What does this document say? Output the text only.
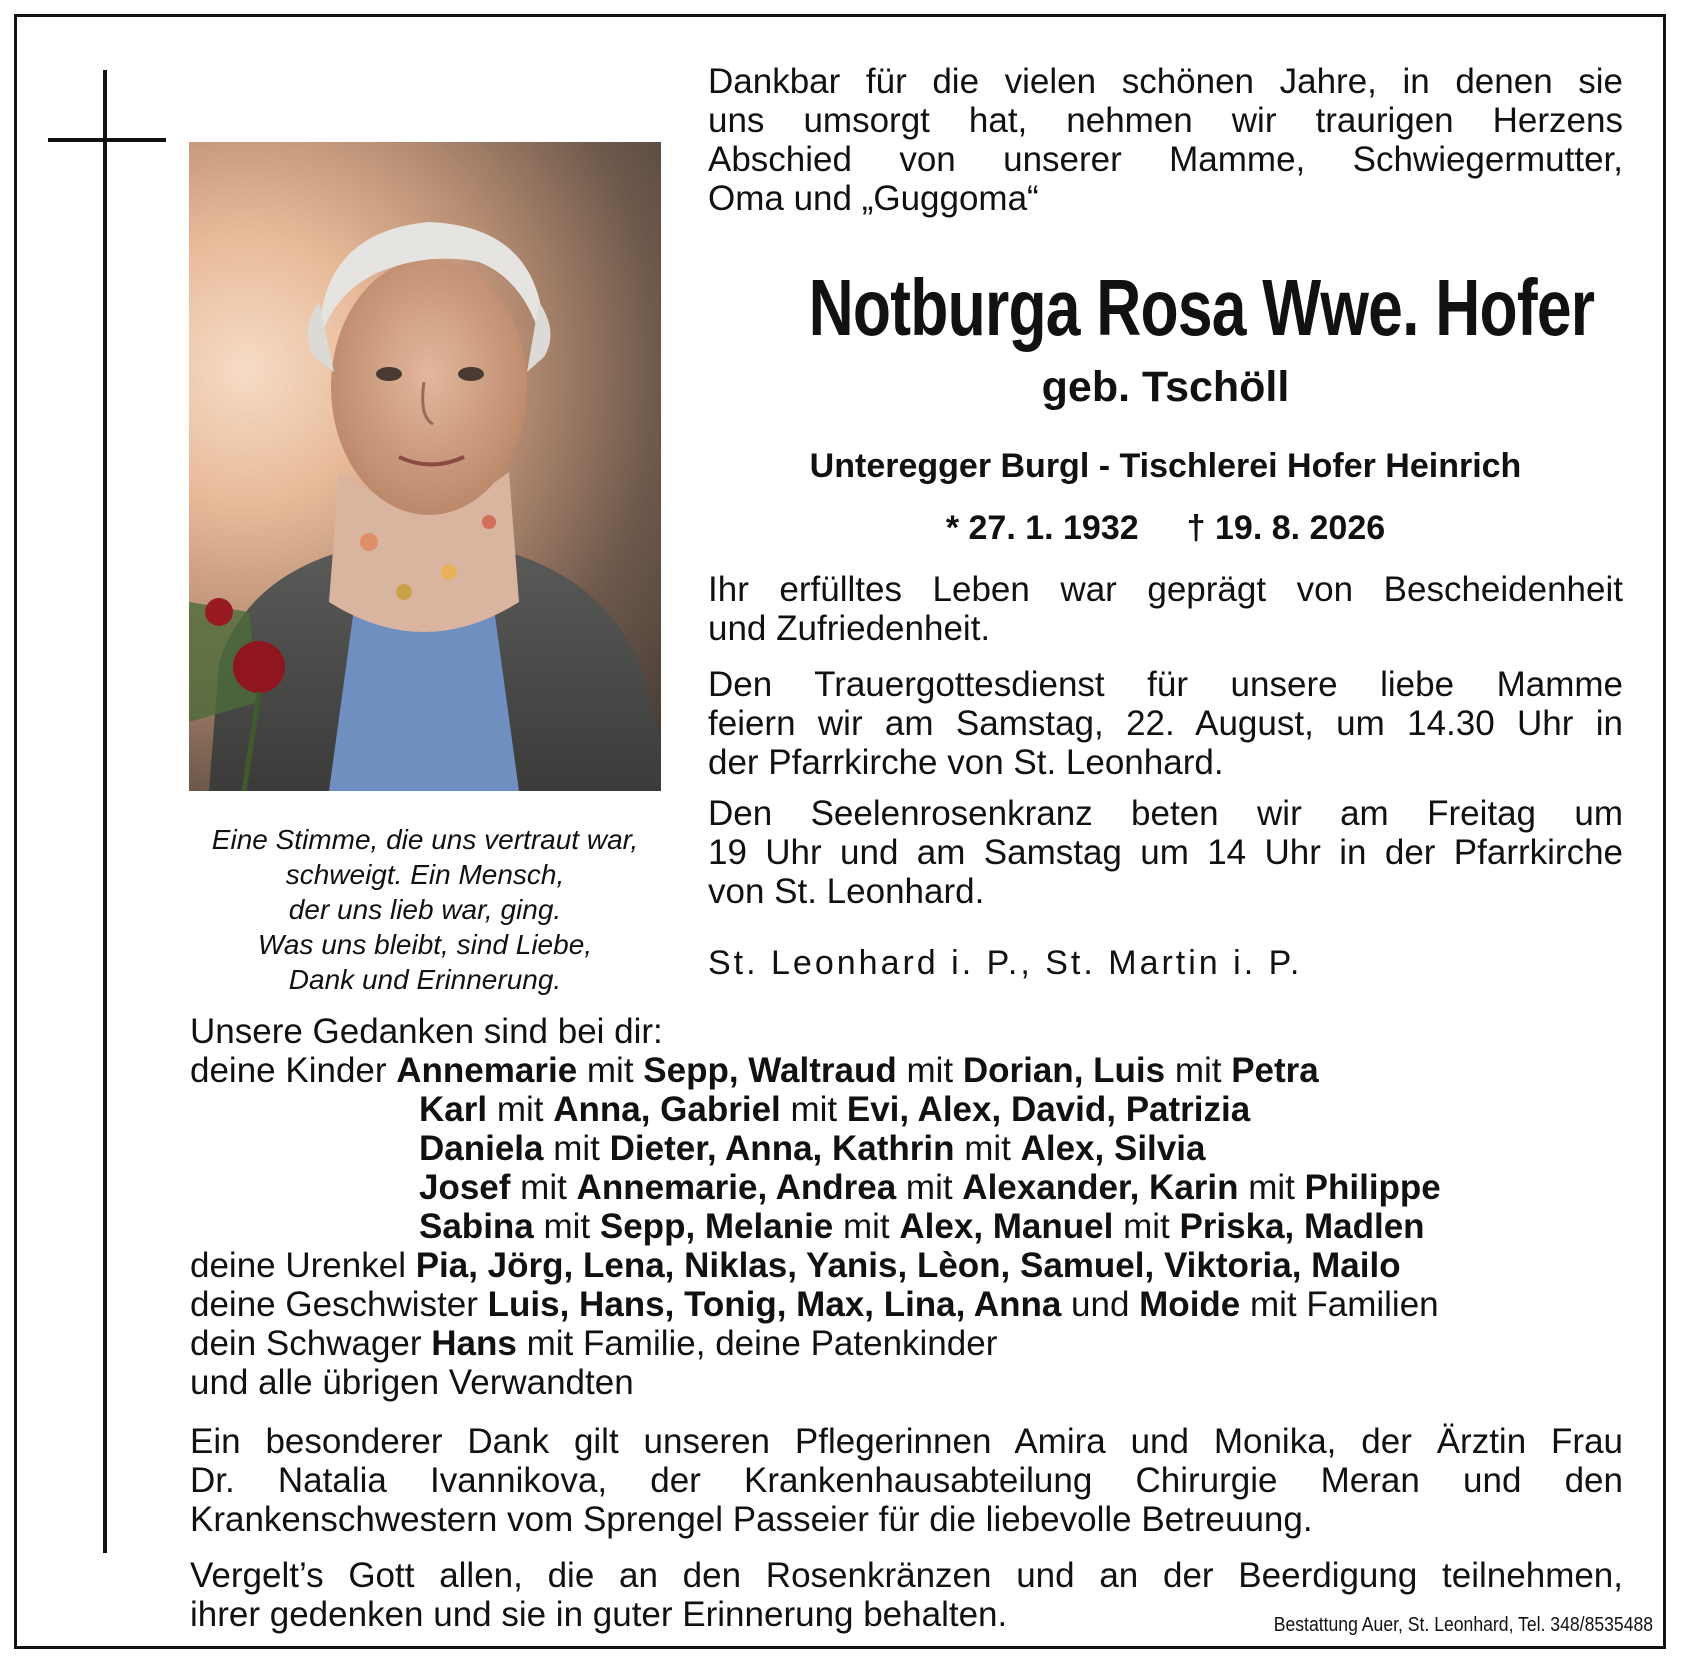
Eine Stimme, die uns vertraut war,
schweigt. Ein Mensch,
der uns lieb war, ging.
Was uns bleibt, sind Liebe,
Dank und Erinnerung.
Dankbar für die vielen schönen Jahre, in denen sie
uns umsorgt hat, nehmen wir traurigen Herzens
Abschied von unserer Mamme, Schwiegermutter,
Oma und „Guggoma“
Notburga Rosa Wwe. Hofer
geb. Tschöll
Unteregger Burgl - Tischlerei Hofer Heinrich
* 27. 1. 1932 † 19. 8. 2026
Ihr erfülltes Leben war geprägt von Bescheidenheit
und Zufriedenheit.
Den Trauergottesdienst für unsere liebe Mamme
feiern wir am Samstag, 22. August, um 14.30 Uhr in
der Pfarrkirche von St. Leonhard.
Den Seelenrosenkranz beten wir am Freitag um
19 Uhr und am Samstag um 14 Uhr in der Pfarrkirche
von St. Leonhard.
St. Leonhard i. P., St. Martin i. P.
Unsere Gedanken sind bei dir:
deine Kinder Annemarie mit Sepp, Waltraud mit Dorian, Luis mit Petra
Karl mit Anna, Gabriel mit Evi, Alex, David, Patrizia
Daniela mit Dieter, Anna, Kathrin mit Alex, Silvia
Josef mit Annemarie, Andrea mit Alexander, Karin mit Philippe
Sabina mit Sepp, Melanie mit Alex, Manuel mit Priska, Madlen
deine Urenkel Pia, Jörg, Lena, Niklas, Yanis, Lèon, Samuel, Viktoria, Mailo
deine Geschwister Luis, Hans, Tonig, Max, Lina, Anna und Moide mit Familien
dein Schwager Hans mit Familie, deine Patenkinder
und alle übrigen Verwandten
Ein besonderer Dank gilt unseren Pflegerinnen Amira und Monika, der Ärztin Frau
Dr. Natalia Ivannikova, der Krankenhausabteilung Chirurgie Meran und den
Krankenschwestern vom Sprengel Passeier für die liebevolle Betreuung.
Vergelt’s Gott allen, die an den Rosenkränzen und an der Beerdigung teilnehmen,
ihrer gedenken und sie in guter Erinnerung behalten.	Bestattung Auer, St. Leonhard, Tel. 348/8535488
